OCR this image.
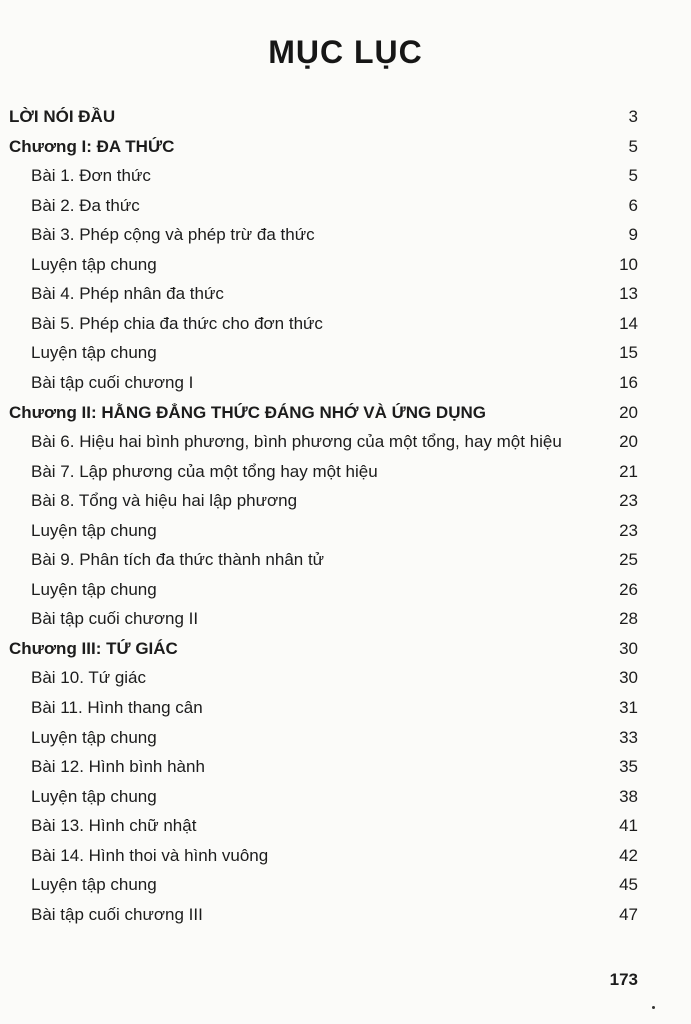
MỤC LỤC
LỜI NÓI ĐẦU	3
Chương I: ĐA THỨC	5
Bài 1. Đơn thức	5
Bài 2. Đa thức	6
Bài 3. Phép cộng và phép trừ đa thức	9
Luyện tập chung	10
Bài 4. Phép nhân đa thức	13
Bài 5. Phép chia đa thức cho đơn thức	14
Luyện tập chung	15
Bài tập cuối chương I	16
Chương II: HẰNG ĐẲNG THỨC ĐÁNG NHỚ VÀ ỨNG DỤNG	20
Bài 6. Hiệu hai bình phương, bình phương của một tổng, hay một hiệu	20
Bài 7. Lập phương của một tổng hay một hiệu	21
Bài 8. Tổng và hiệu hai lập phương	23
Luyện tập chung	23
Bài 9. Phân tích đa thức thành nhân tử	25
Luyện tập chung	26
Bài tập cuối chương II	28
Chương III: TỨ GIÁC	30
Bài 10. Tứ giác	30
Bài 11. Hình thang cân	31
Luyện tập chung	33
Bài 12. Hình bình hành	35
Luyện tập chung	38
Bài 13. Hình chữ nhật	41
Bài 14. Hình thoi và hình vuông	42
Luyện tập chung	45
Bài tập cuối chương III	47
173
